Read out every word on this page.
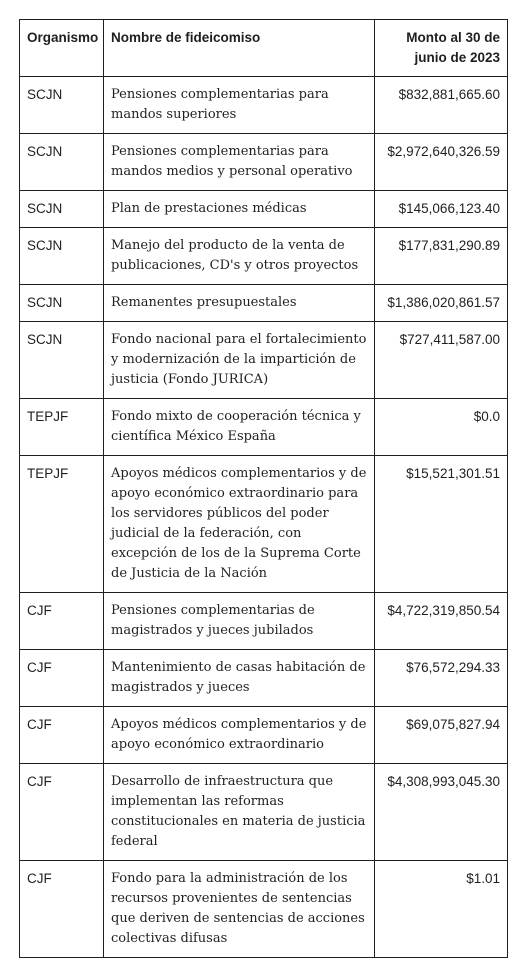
Organismo	Nombre de fideicomiso	Monto al 30 de junio de 2023
SCJN	Pensiones complementarias para mandos superiores	$832,881,665.60
SCJN	Pensiones complementarias para mandos medios y personal operativo	$2,972,640,326.59
SCJN	Plan de prestaciones médicas	$145,066,123.40
SCJN	Manejo del producto de la venta de publicaciones, CD's y otros proyectos	$177,831,290.89
SCJN	Remanentes presupuestales	$1,386,020,861.57
SCJN	Fondo nacional para el fortalecimiento y modernización de la impartición de justicia (Fondo JURICA)	$727,411,587.00
TEPJF	Fondo mixto de cooperación técnica y científica México España	$0.0
TEPJF	Apoyos médicos complementarios y de apoyo económico extraordinario para los servidores públicos del poder judicial de la federación, con excepción de los de la Suprema Corte de Justicia de la Nación	$15,521,301.51
CJF	Pensiones complementarias de magistrados y jueces jubilados	$4,722,319,850.54
CJF	Mantenimiento de casas habitación de magistrados y jueces	$76,572,294.33
CJF	Apoyos médicos complementarios y de apoyo económico extraordinario	$69,075,827.94
CJF	Desarrollo de infraestructura que implementan las reformas constitucionales en materia de justicia federal	$4,308,993,045.30
CJF	Fondo para la administración de los recursos provenientes de sentencias que deriven de sentencias de acciones colectivas difusas	$1.01
